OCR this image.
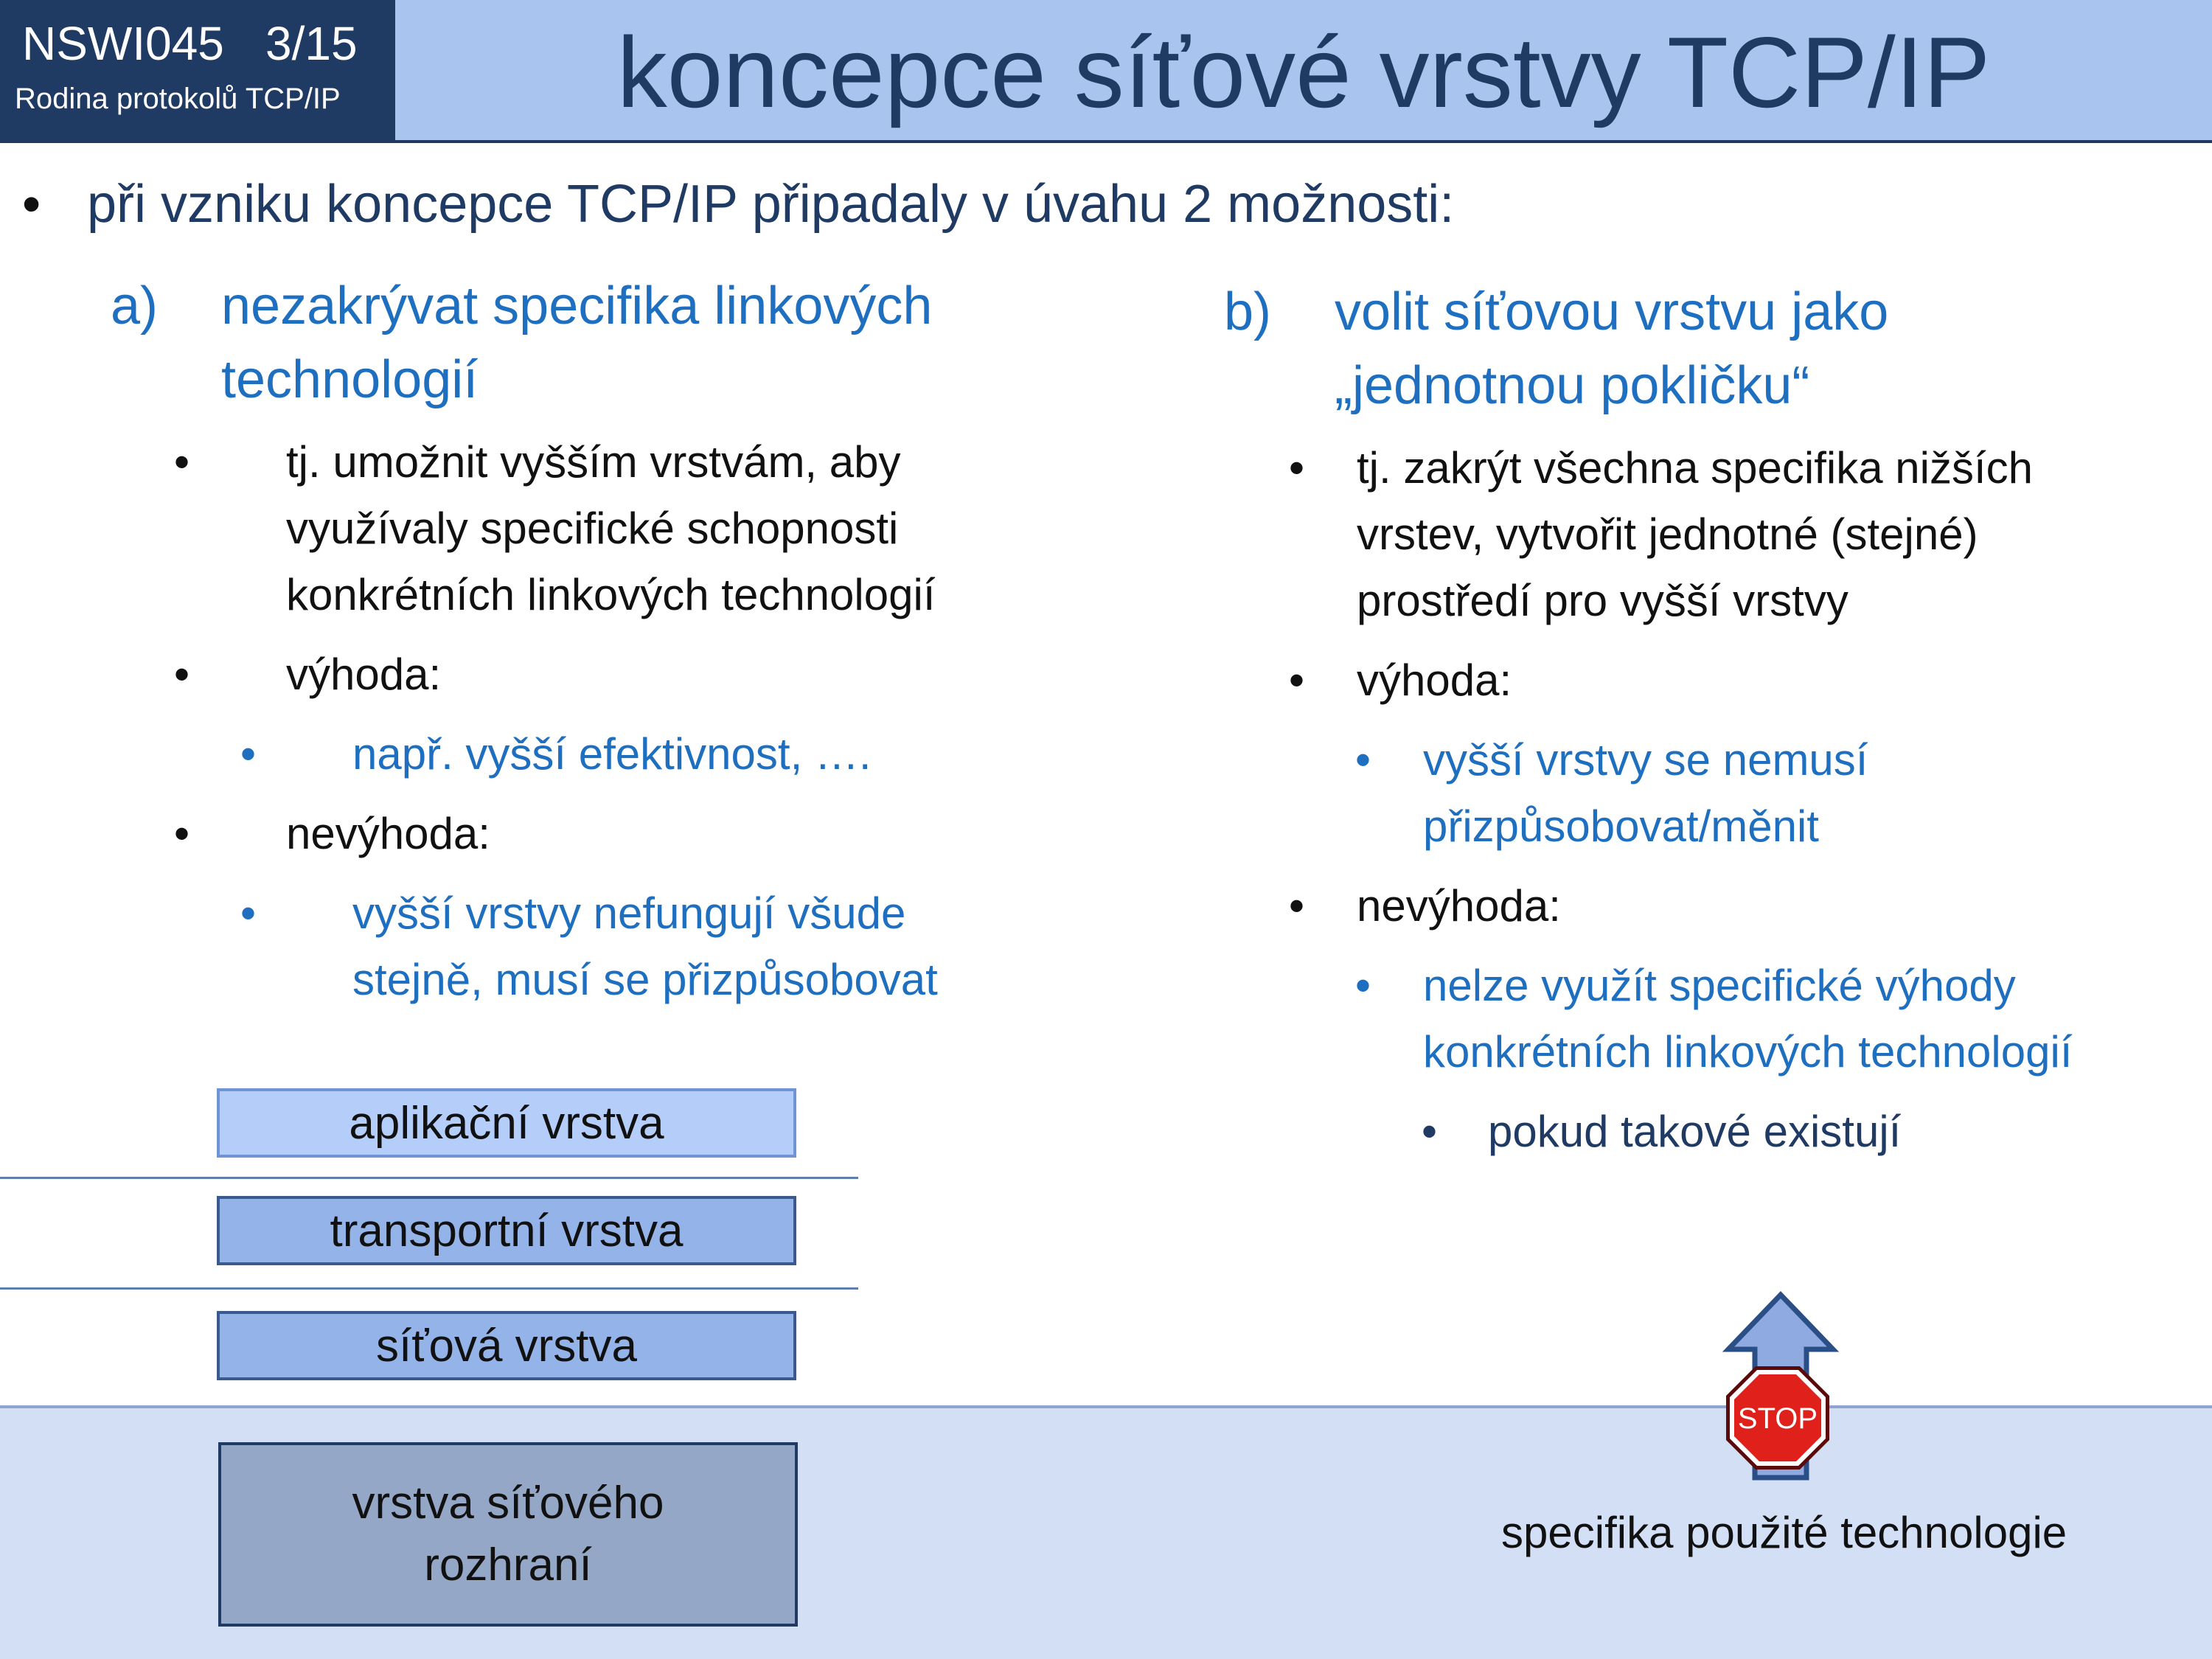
NSWI045 3/15
Rodina protokolů TCP/IP	koncepce síťové vrstvy TCP/IP
• při vzniku koncepce TCP/IP připadaly v úvahu 2 možnosti:
a) nezakrývat specifika linkových
technologií
• tj. umožnit vyšším vrstvám, aby
využívaly specifické schopnosti
konkrétních linkových technologií
• výhoda:
• např. vyšší efektivnost, ….
• nevýhoda:
• vyšší vrstvy nefungují všude
stejně, musí se přizpůsobovat
b) volit síťovou vrstvu jako
„jednotnou pokličku“
• tj. zakrýt všechna specifika nižších
vrstev, vytvořit jednotné (stejné)
prostředí pro vyšší vrstvy
• výhoda:
• vyšší vrstvy se nemusí
přizpůsobovat/měnit
• nevýhoda:
• nelze využít specifické výhody
konkrétních linkových technologií
• pokud takové existují
aplikační vrstva
transportní vrstva
síťová vrstva
vrstva síťového
rozhraní
STOP
specifika použité technologie
